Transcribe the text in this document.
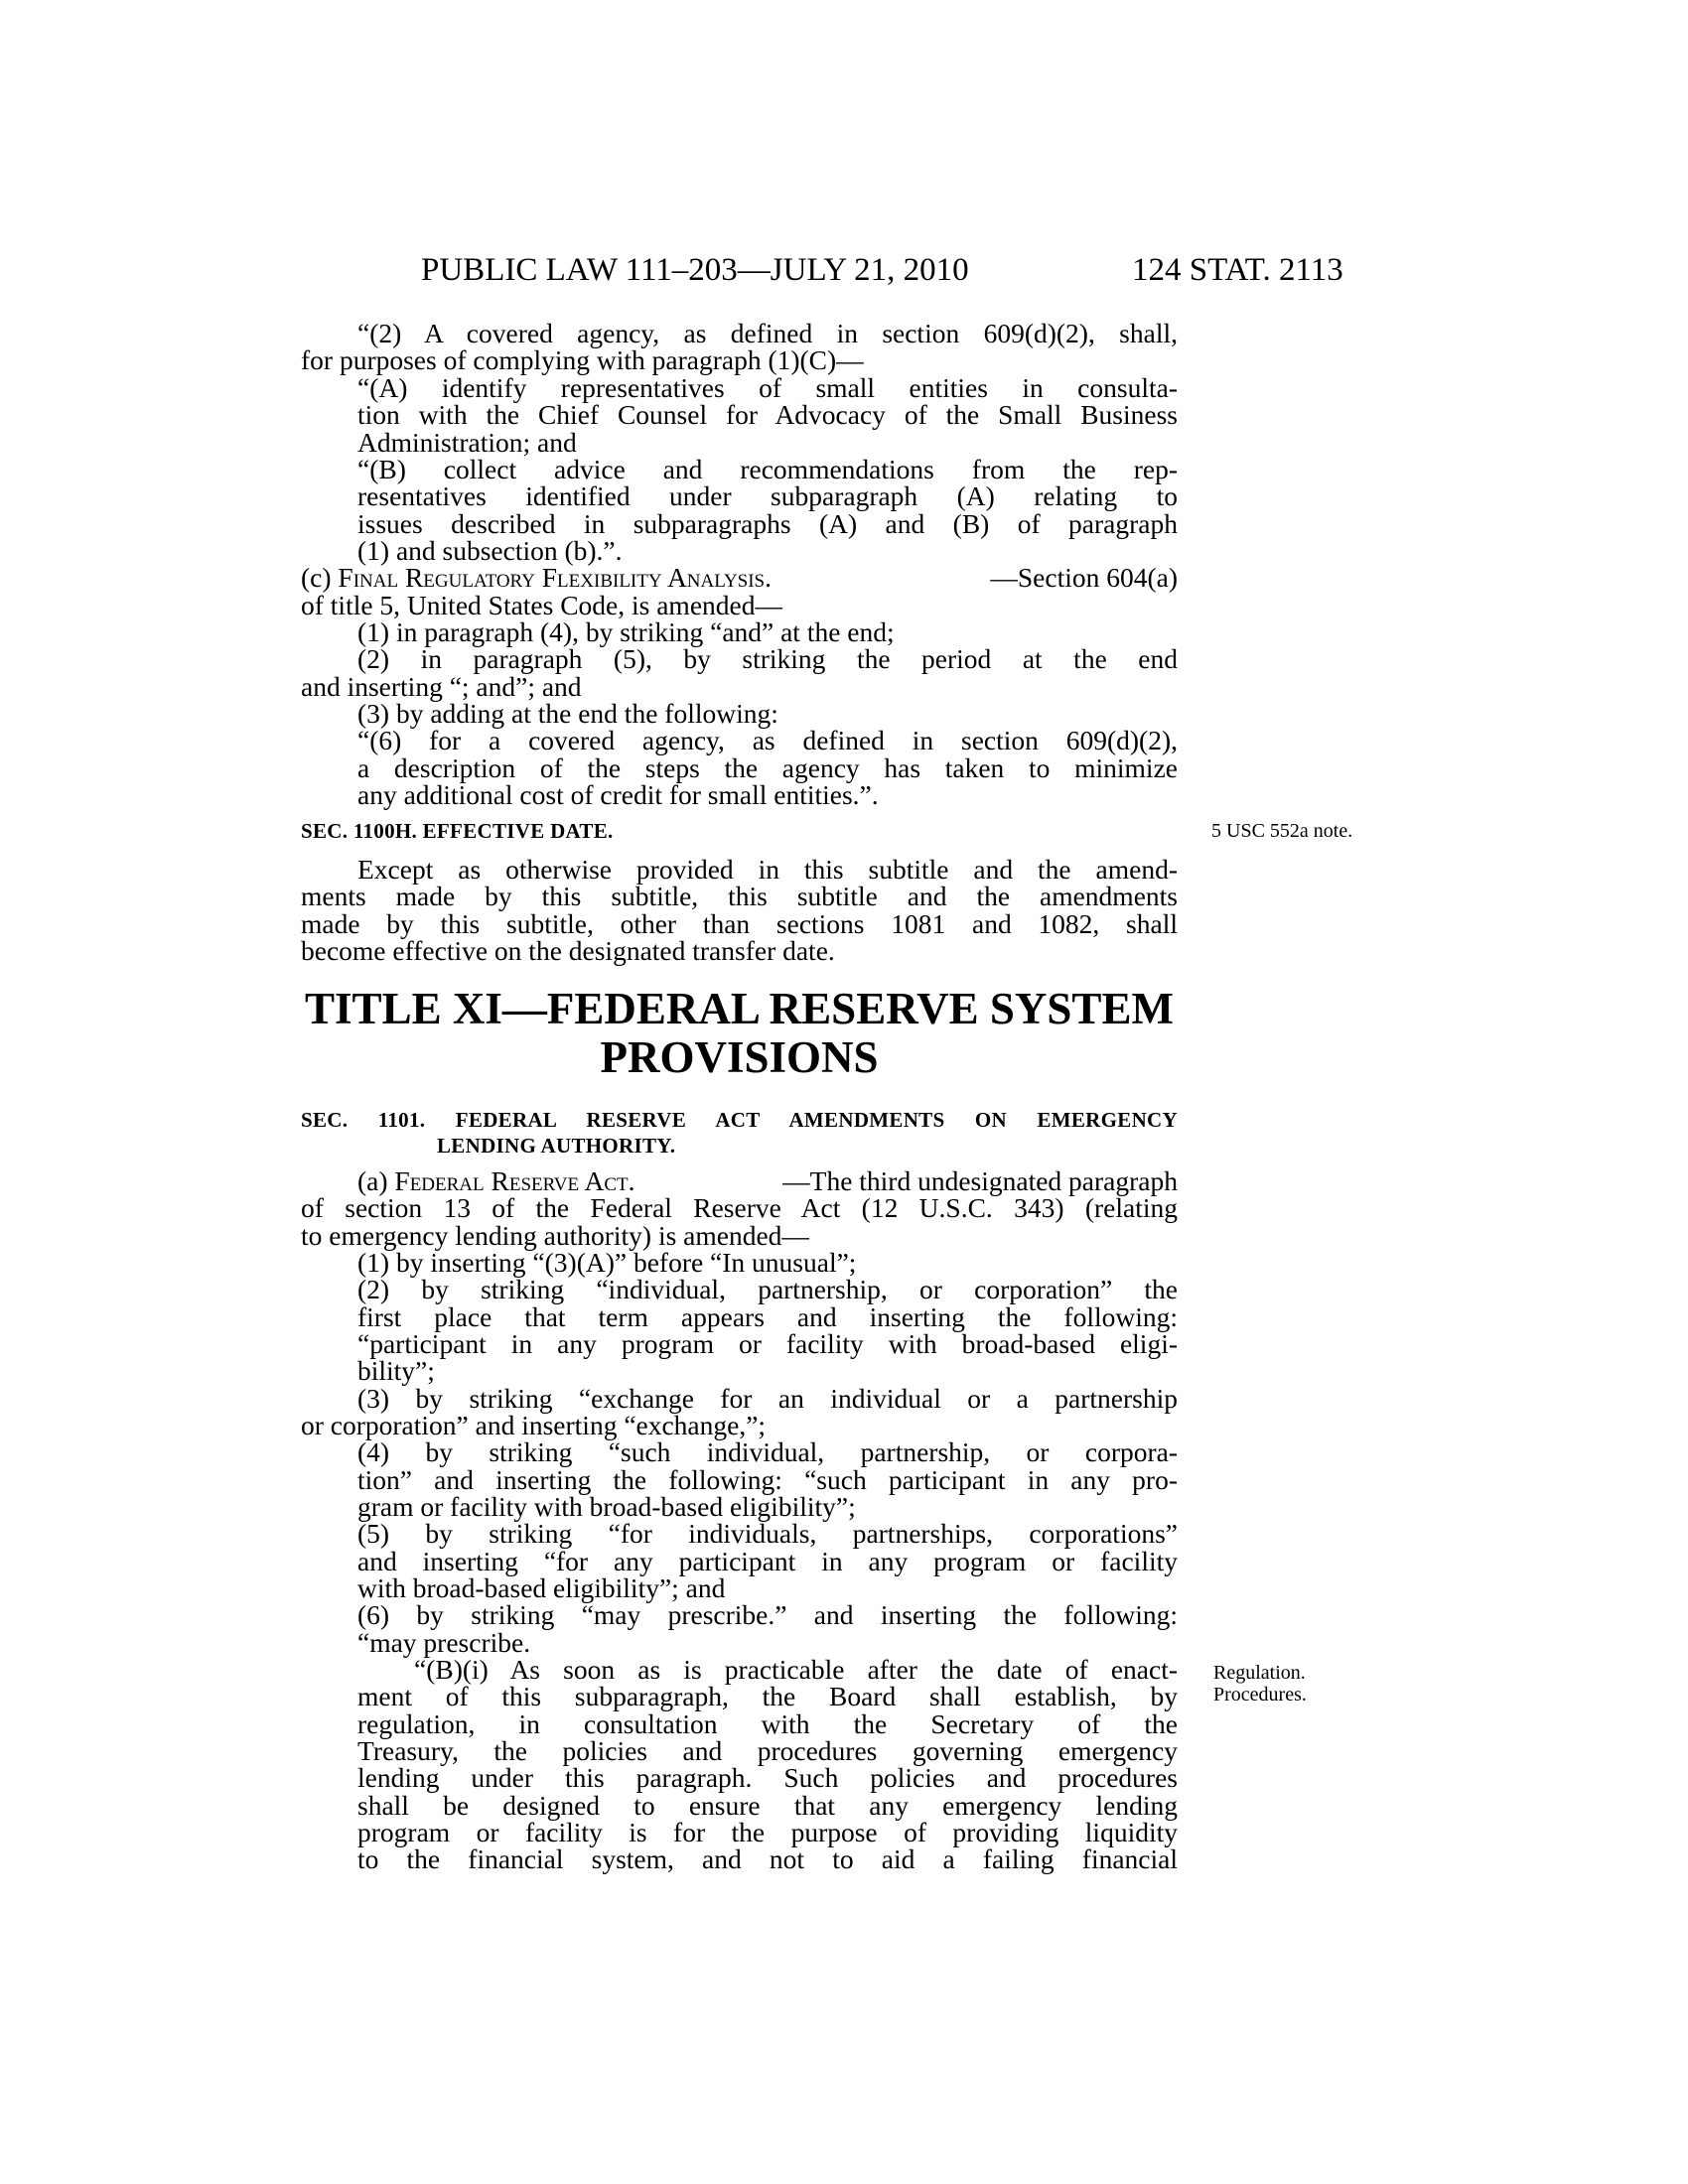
PUBLIC LAW 111–203—JULY 21, 2010	124 STAT. 2113
“(2) A covered agency, as defined in section 609(d)(2), shall,
for purposes of complying with paragraph (1)(C)—
“(A) identify representatives of small entities in consulta-
tion with the Chief Counsel for Advocacy of the Small Business
Administration; and
“(B) collect advice and recommendations from the rep-
resentatives identified under subparagraph (A) relating to
issues described in subparagraphs (A) and (B) of paragraph
(1) and subsection (b).”.
(c) Final Regulatory Flexibility Analysis.	—Section 604(a)
of title 5, United States Code, is amended—
(1) in paragraph (4), by striking “and” at the end;
(2) in paragraph (5), by striking the period at the end
and inserting “; and”; and
(3) by adding at the end the following:
“(6) for a covered agency, as defined in section 609(d)(2),
a description of the steps the agency has taken to minimize
any additional cost of credit for small entities.”.
SEC. 1100H. EFFECTIVE DATE.	5 USC 552a note.
Except as otherwise provided in this subtitle and the amend-
ments made by this subtitle, this subtitle and the amendments
made by this subtitle, other than sections 1081 and 1082, shall
become effective on the designated transfer date.
TITLE XI—FEDERAL RESERVE SYSTEM
PROVISIONS
SEC. 1101. FEDERAL RESERVE ACT AMENDMENTS ON EMERGENCY
LENDING AUTHORITY.
(a) Federal Reserve Act.	—The third undesignated paragraph
of section 13 of the Federal Reserve Act (12 U.S.C. 343) (relating
to emergency lending authority) is amended—
(1) by inserting “(3)(A)” before “In unusual”;
(2) by striking “individual, partnership, or corporation” the
first place that term appears and inserting the following:
“participant in any program or facility with broad-based eligi-
bility”;
(3) by striking “exchange for an individual or a partnership
or corporation” and inserting “exchange,”;
(4) by striking “such individual, partnership, or corpora-
tion” and inserting the following: “such participant in any pro-
gram or facility with broad-based eligibility”;
(5) by striking “for individuals, partnerships, corporations”
and inserting “for any participant in any program or facility
with broad-based eligibility”; and
(6) by striking “may prescribe.” and inserting the following:
“may prescribe.
“(B)(i) As soon as is practicable after the date of enact-
ment of this subparagraph, the Board shall establish, by
regulation, in consultation with the Secretary of the
Treasury, the policies and procedures governing emergency
lending under this paragraph. Such policies and procedures
shall be designed to ensure that any emergency lending
program or facility is for the purpose of providing liquidity
to the financial system, and not to aid a failing financial
Regulation.
Procedures.
